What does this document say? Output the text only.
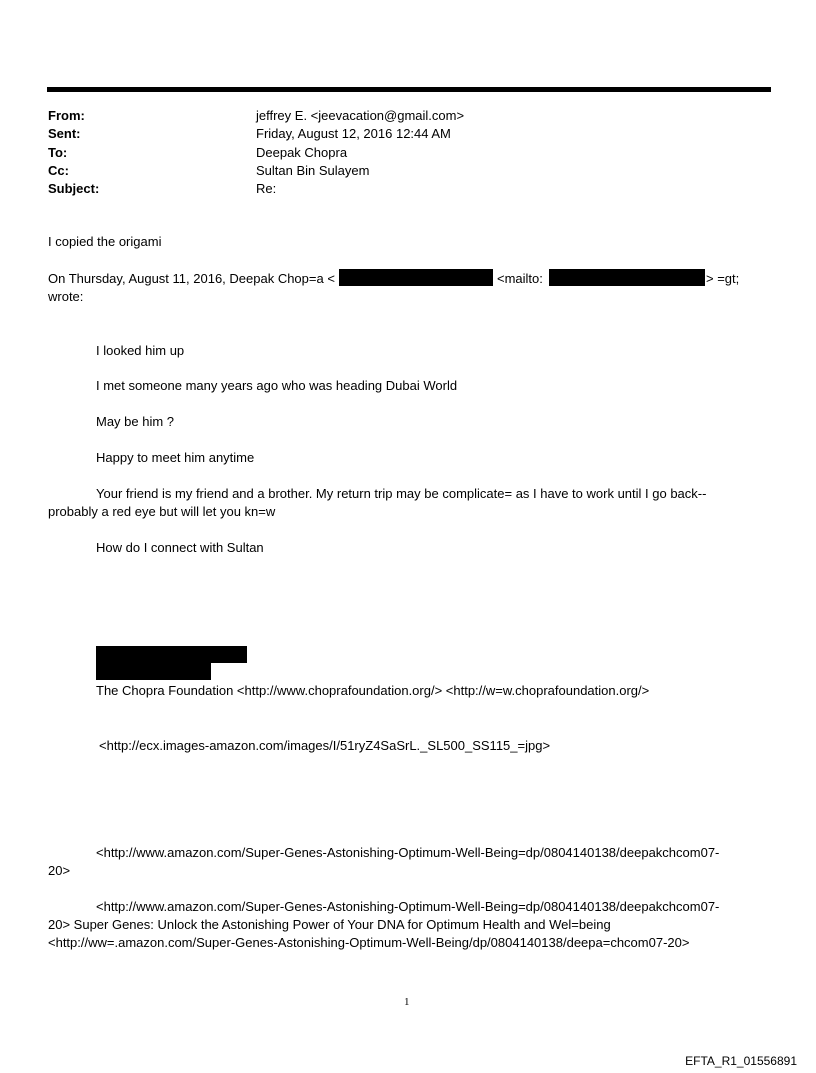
From:	jeffrey E. <jeevacation@gmail.com>
Sent:	Friday, August 12, 2016 12:44 AM
To:	Deepak Chopra
Cc:	Sultan Bin Sulayem
Subject:	Re:
I copied the origami
On Thursday, August 11, 2016, Deepak Chop=a <	<mailto:	> =gt;
wrote:
I looked him up
I met someone many years ago who was heading Dubai World
May be him ?
Happy to meet him anytime
Your friend is my friend and a brother. My return trip may be complicate= as I have to work until I go back--
probably a red eye but will let you kn=w
How do I connect with Sultan
The Chopra Foundation <http://www.choprafoundation.org/> <http://w=w.choprafoundation.org/>
<http://ecx.images-amazon.com/images/I/51ryZ4SaSrL._SL500_SS115_=jpg>
<http://www.amazon.com/Super-Genes-Astonishing-Optimum-Well-Being=dp/0804140138/deepakchcom07-
20>
<http://www.amazon.com/Super-Genes-Astonishing-Optimum-Well-Being=dp/0804140138/deepakchcom07-
20> Super Genes: Unlock the Astonishing Power of Your DNA for Optimum Health and Wel=being
<http://ww=.amazon.com/Super-Genes-Astonishing-Optimum-Well-Being/dp/0804140138/deepa=chcom07-20>
1
EFTA_R1_01556891
